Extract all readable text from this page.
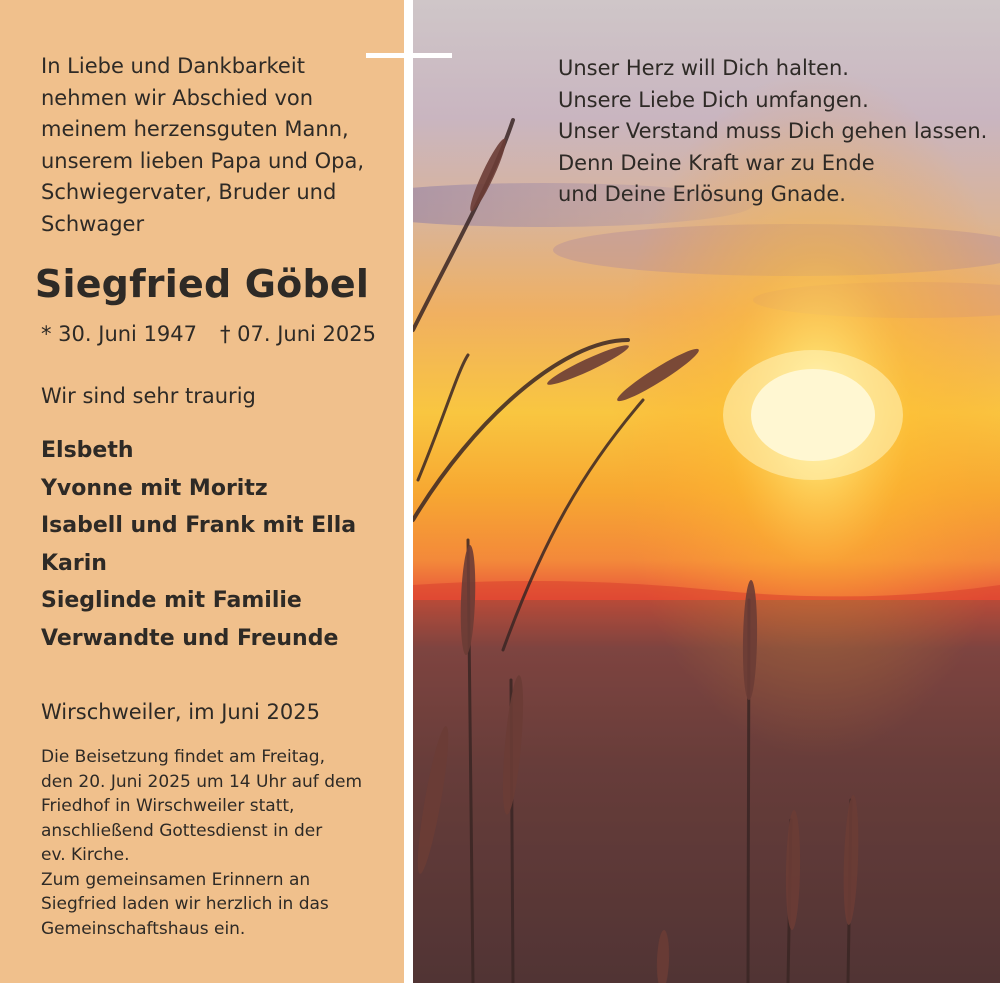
In Liebe und Dankbarkeit
nehmen wir Abschied von
meinem herzensguten Mann,
unserem lieben Papa und Opa,
Schwiegervater, Bruder und
Schwager
Siegfried Göbel
* 30. Juni 1947 † 07. Juni 2025
Wir sind sehr traurig
Elsbeth
Yvonne mit Moritz
Isabell und Frank mit Ella
Karin
Sieglinde mit Familie
Verwandte und Freunde
Wirschweiler, im Juni 2025
Die Beisetzung findet am Freitag,
den 20. Juni 2025 um 14 Uhr auf dem
Friedhof in Wirschweiler statt,
anschließend Gottesdienst in der
ev. Kirche.
Zum gemeinsamen Erinnern an
Siegfried laden wir herzlich in das
Gemeinschaftshaus ein.
Unser Herz will Dich halten.
Unsere Liebe Dich umfangen.
Unser Verstand muss Dich gehen lassen.
Denn Deine Kraft war zu Ende
und Deine Erlösung Gnade.
